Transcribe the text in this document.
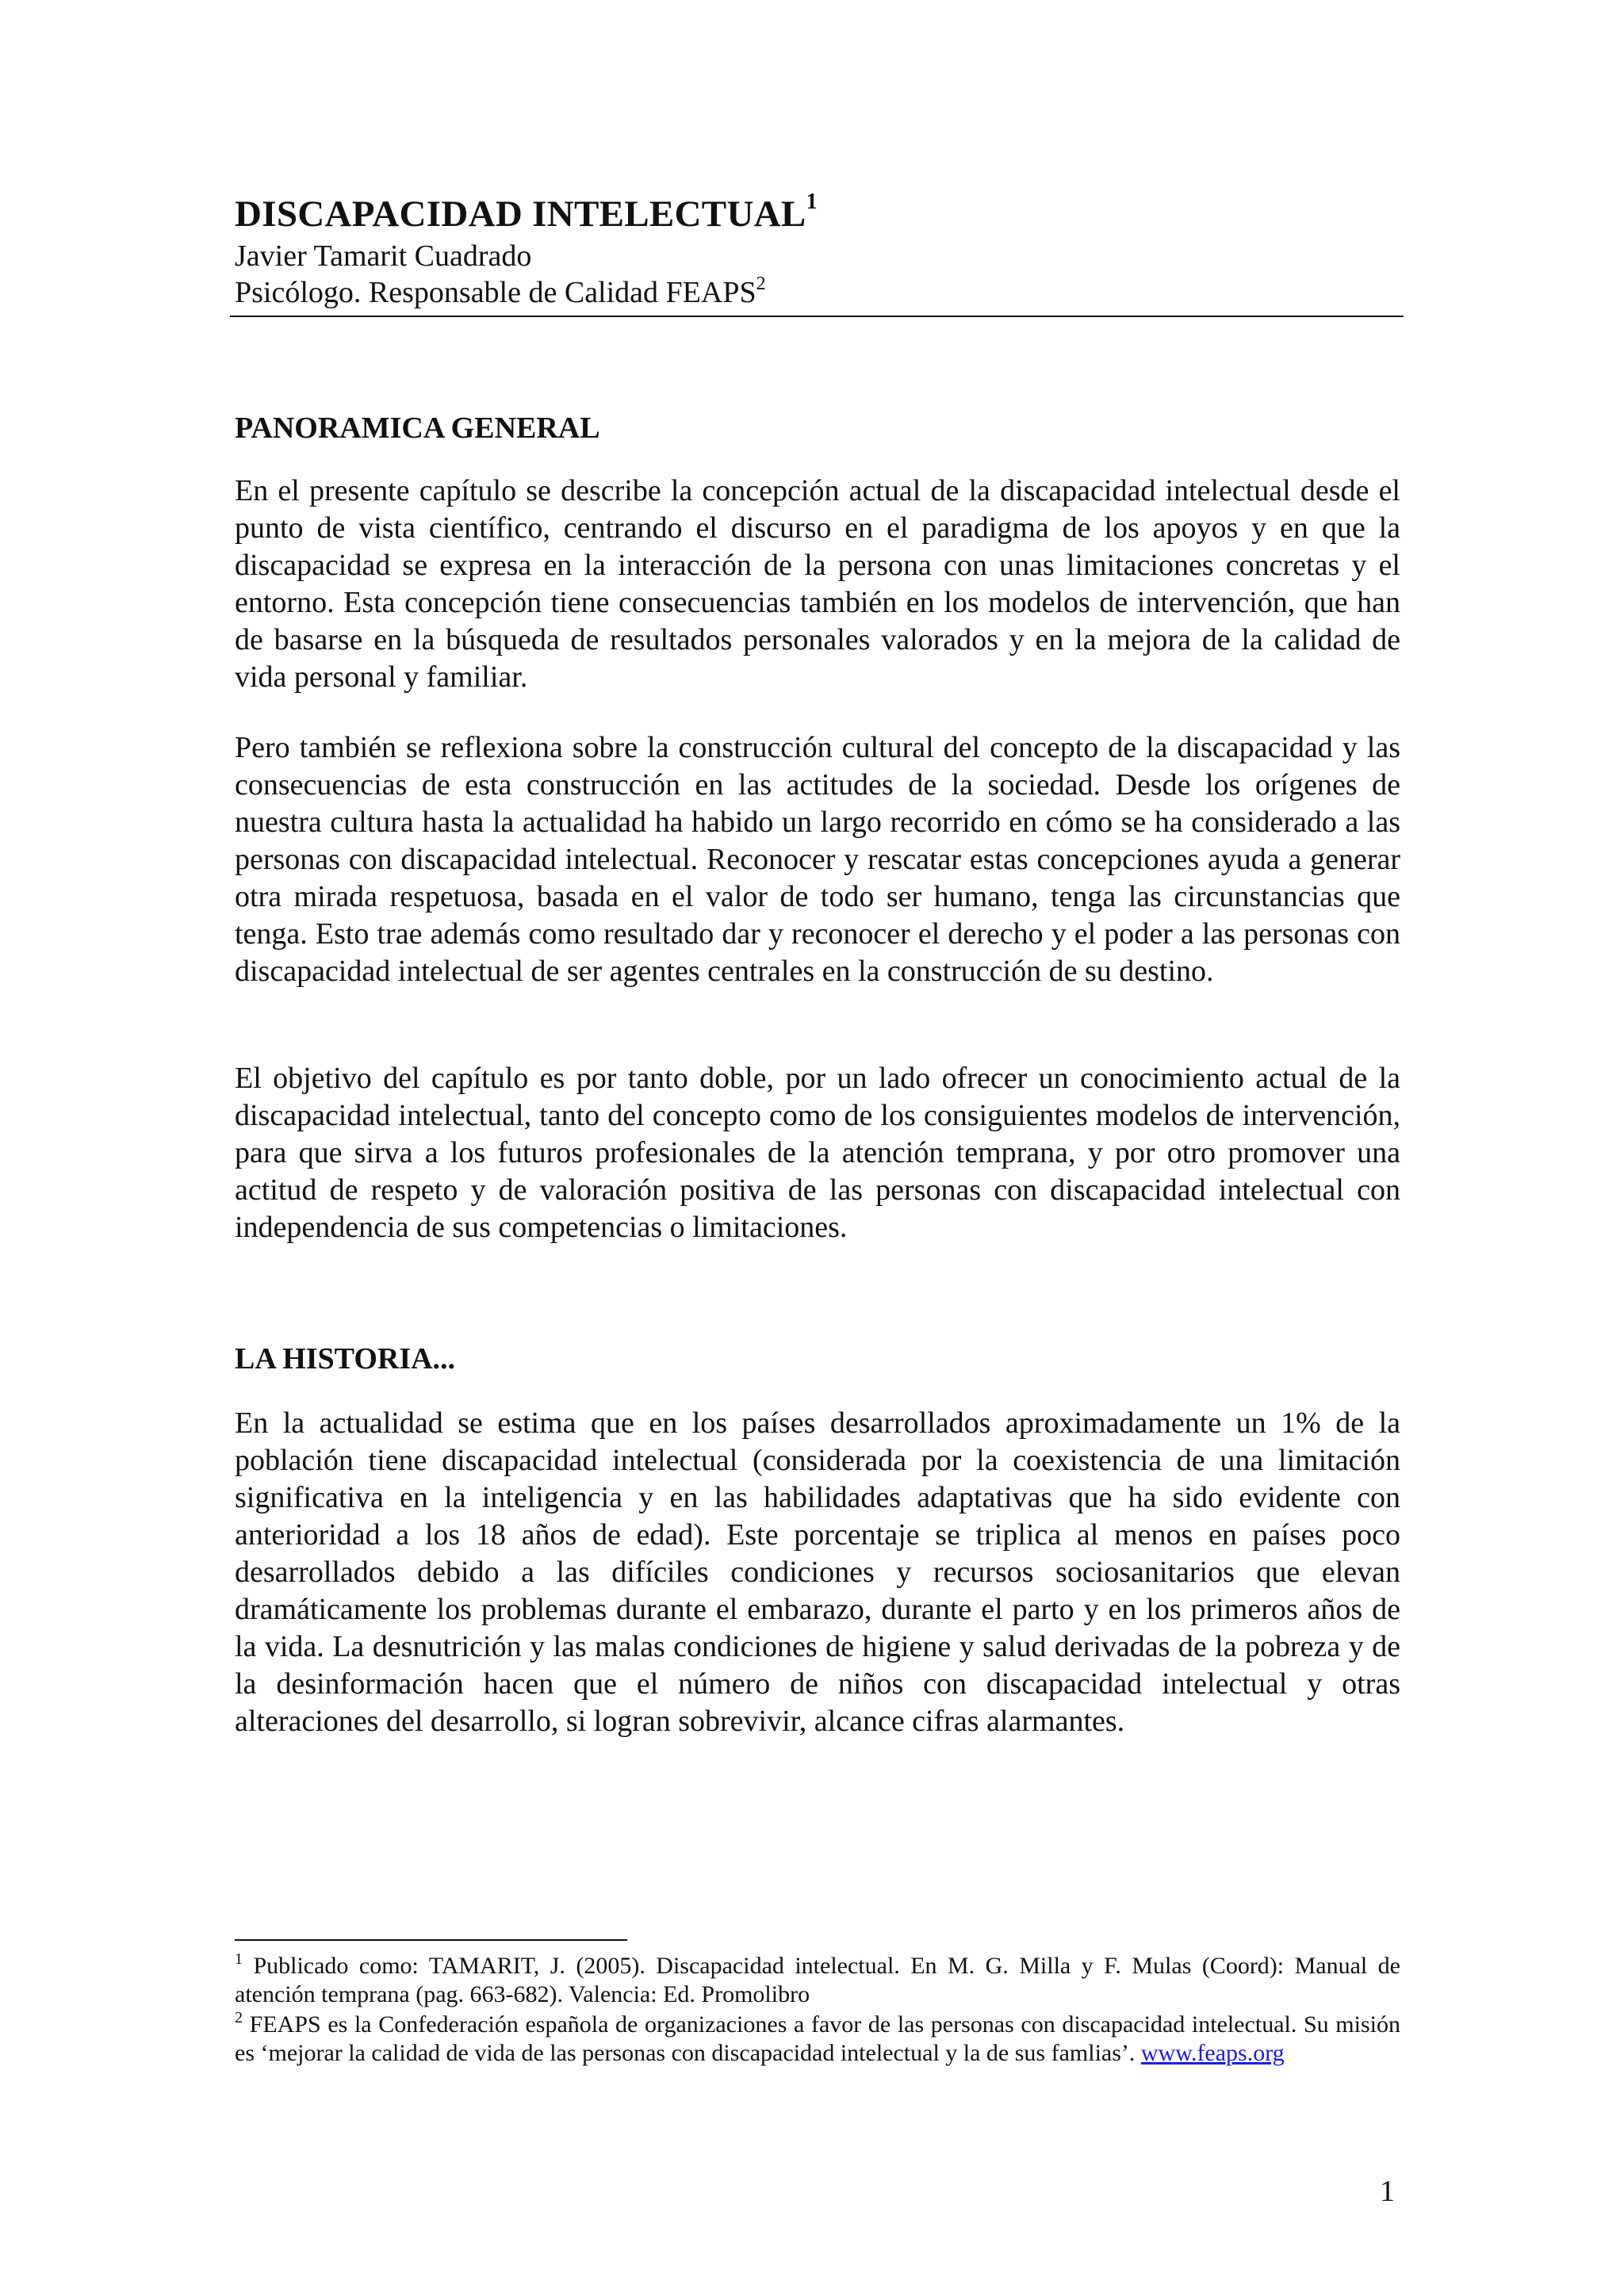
DISCAPACIDAD INTELECTUAL$^1$
Javier Tamarit Cuadrado
Psicólogo. Responsable de Calidad FEAPS$^2$
PANORAMICA GENERAL
En el presente capítulo se describe la concepción actual de la discapacidad intelectual desde el punto de vista científico, centrando el discurso en el paradigma de los apoyos y en que la discapacidad se expresa en la interacción de la persona con unas limitaciones concretas y el entorno. Esta concepción tiene consecuencias también en los modelos de intervención, que han de basarse en la búsqueda de resultados personales valorados y en la mejora de la calidad de vida personal y familiar.
Pero también se reflexiona sobre la construcción cultural del concepto de la discapacidad y las consecuencias de esta construcción en las actitudes de la sociedad. Desde los orígenes de nuestra cultura hasta la actualidad ha habido un largo recorrido en cómo se ha considerado a las personas con discapacidad intelectual. Reconocer y rescatar estas concepciones ayuda a generar otra mirada respetuosa, basada en el valor de todo ser humano, tenga las circunstancias que tenga. Esto trae además como resultado dar y reconocer el derecho y el poder a las personas con discapacidad intelectual de ser agentes centrales en la construcción de su destino.
El objetivo del capítulo es por tanto doble, por un lado ofrecer un conocimiento actual de la discapacidad intelectual, tanto del concepto como de los consiguientes modelos de intervención, para que sirva a los futuros profesionales de la atención temprana, y por otro promover una actitud de respeto y de valoración positiva de las personas con discapacidad intelectual con independencia de sus competencias o limitaciones.
LA HISTORIA...
En la actualidad se estima que en los países desarrollados aproximadamente un 1% de la población tiene discapacidad intelectual (considerada por la coexistencia de una limitación significativa en la inteligencia y en las habilidades adaptativas que ha sido evidente con anterioridad a los 18 años de edad). Este porcentaje se triplica al menos en países poco desarrollados debido a las difíciles condiciones y recursos sociosanitarios que elevan dramáticamente los problemas durante el embarazo, durante el parto y en los primeros años de la vida. La desnutrición y las malas condiciones de higiene y salud derivadas de la pobreza y de la desinformación hacen que el número de niños con discapacidad intelectual y otras alteraciones del desarrollo, si logran sobrevivir, alcance cifras alarmantes.
$^1$ Publicado como: TAMARIT, J. (2005). Discapacidad intelectual. En M. G. Milla y F. Mulas (Coord): Manual de atención temprana (pag. 663-682). Valencia: Ed. Promolibro
$^2$ FEAPS es la Confederación española de organizaciones a favor de las personas con discapacidad intelectual. Su misión es ‘mejorar la calidad de vida de las personas con discapacidad intelectual y la de sus famlias’. www.feaps.org
1
